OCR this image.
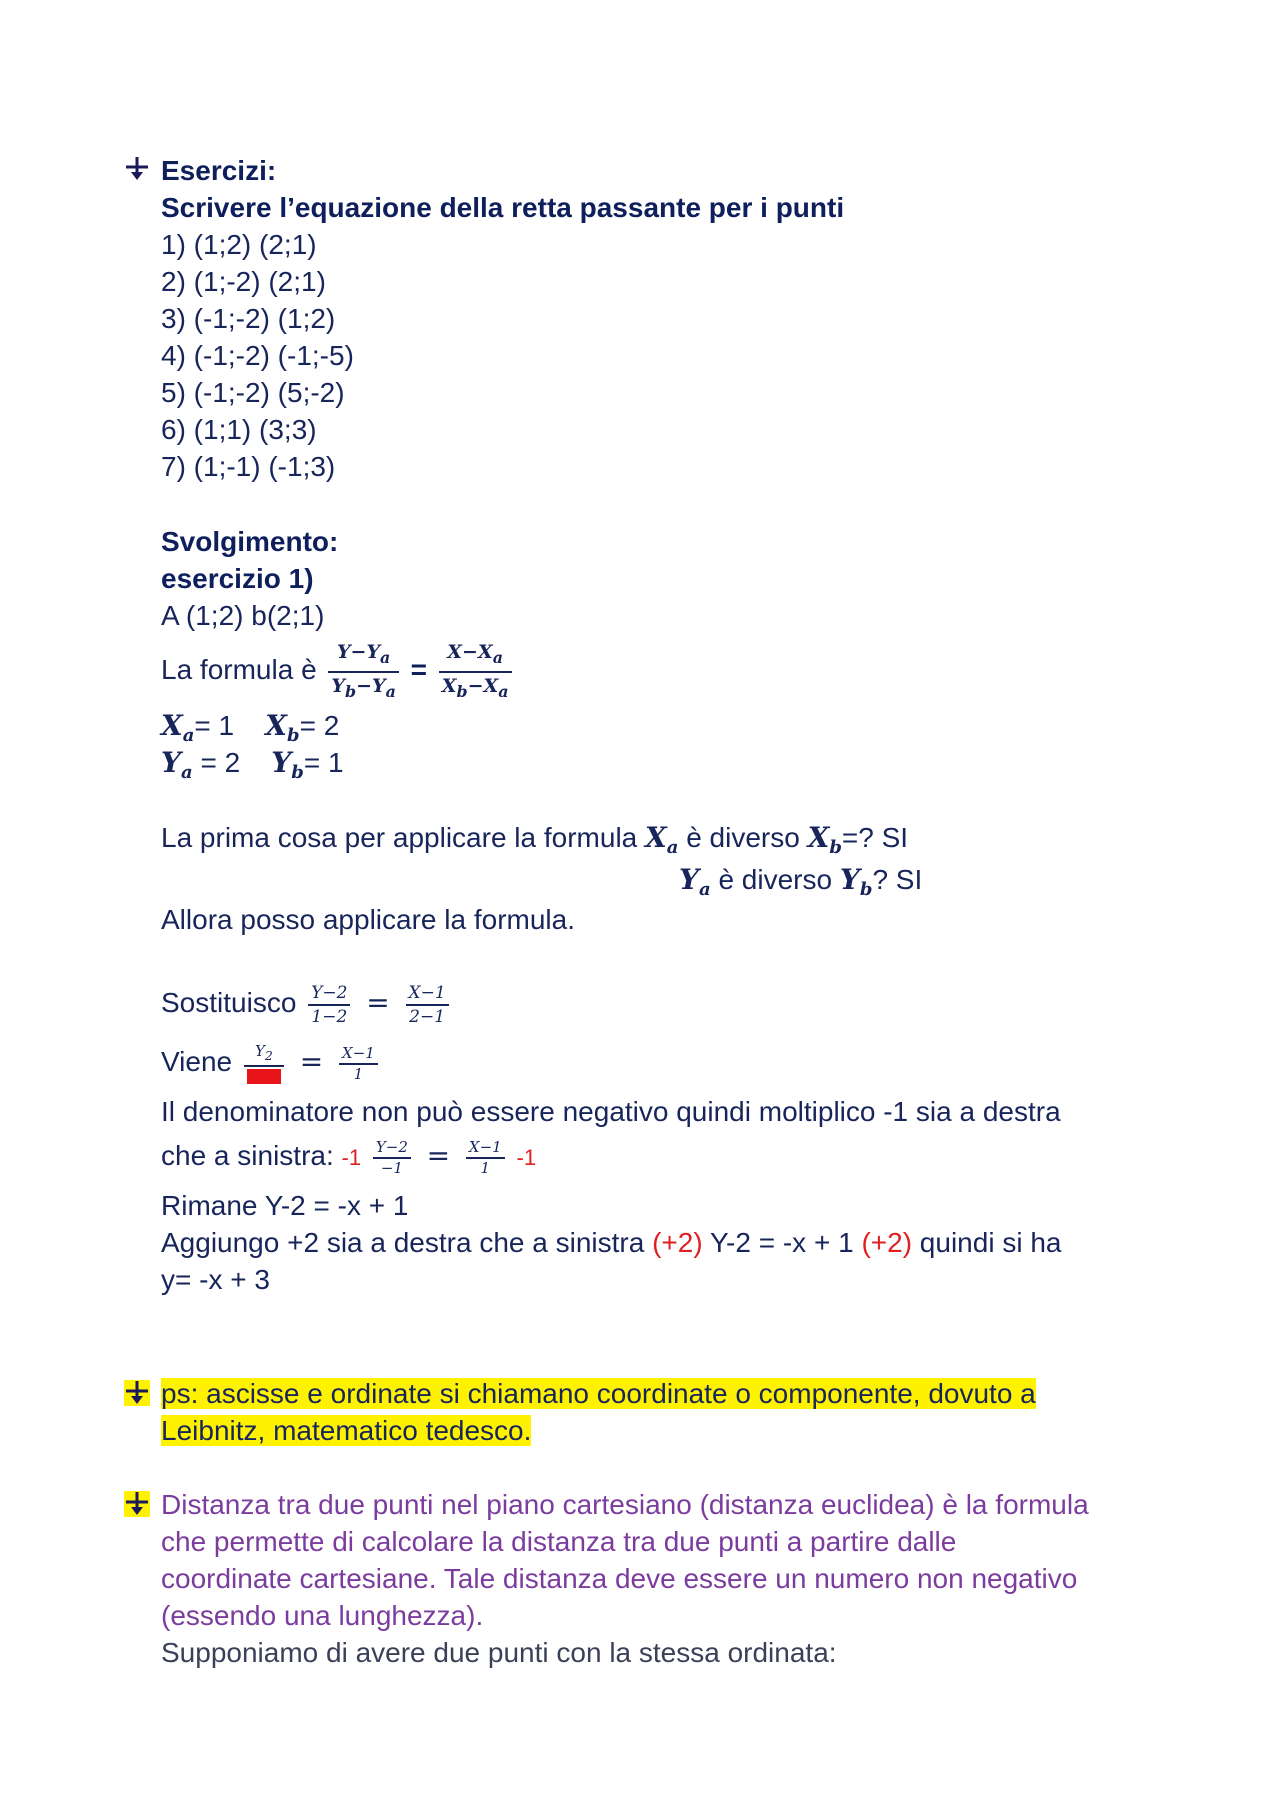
Esercizi:
Scrivere l’equazione della retta passante per i punti
1) (1;2) (2;1)
2) (1;-2) (2;1)
3) (-1;-2) (1;2)
4) (-1;-2) (-1;-5)
5) (-1;-2) (5;-2)
6) (1;1) (3;3)
7) (1;-1) (-1;3)
Svolgimento:
esercizio 1)
A (1;2) b(2;1)
La formula è $\frac{Y-Y_a}{Y_b-Y_a} = \frac{X-X_a}{X_b-X_a}$
$X_a= 1$ $X_b= 2$
$Y_a = 2$ $Y_b= 1$
La prima cosa per applicare la formula $X_a$ è diverso $X_b=$? SI
$Y_a$ è diverso $Y_b$? SI
Allora posso applicare la formula.
Sostituisco $\frac{Y-2}{1-2} = \frac{X-1}{2-1}$
Viene $\frac{Y_2}{-1} = \frac{X-1}{1}$
Il denominatore non può essere negativo quindi moltiplico -1 sia a destra
che a sinistra: $-1 \frac{Y-2}{-1} = \frac{X-1}{1} -1$
Rimane Y-2 = -x + 1
Aggiungo +2 sia a destra che a sinistra (+2) Y-2 = -x + 1 (+2) quindi si ha
y= -x + 3
ps: ascisse e ordinate si chiamano coordinate o componente, dovuto a
Leibnitz, matematico tedesco.
Distanza tra due punti nel piano cartesiano (distanza euclidea) è la formula
che permette di calcolare la distanza tra due punti a partire dalle
coordinate cartesiane. Tale distanza deve essere un numero non negativo
(essendo una lunghezza).
Supponiamo di avere due punti con la stessa ordinata:
